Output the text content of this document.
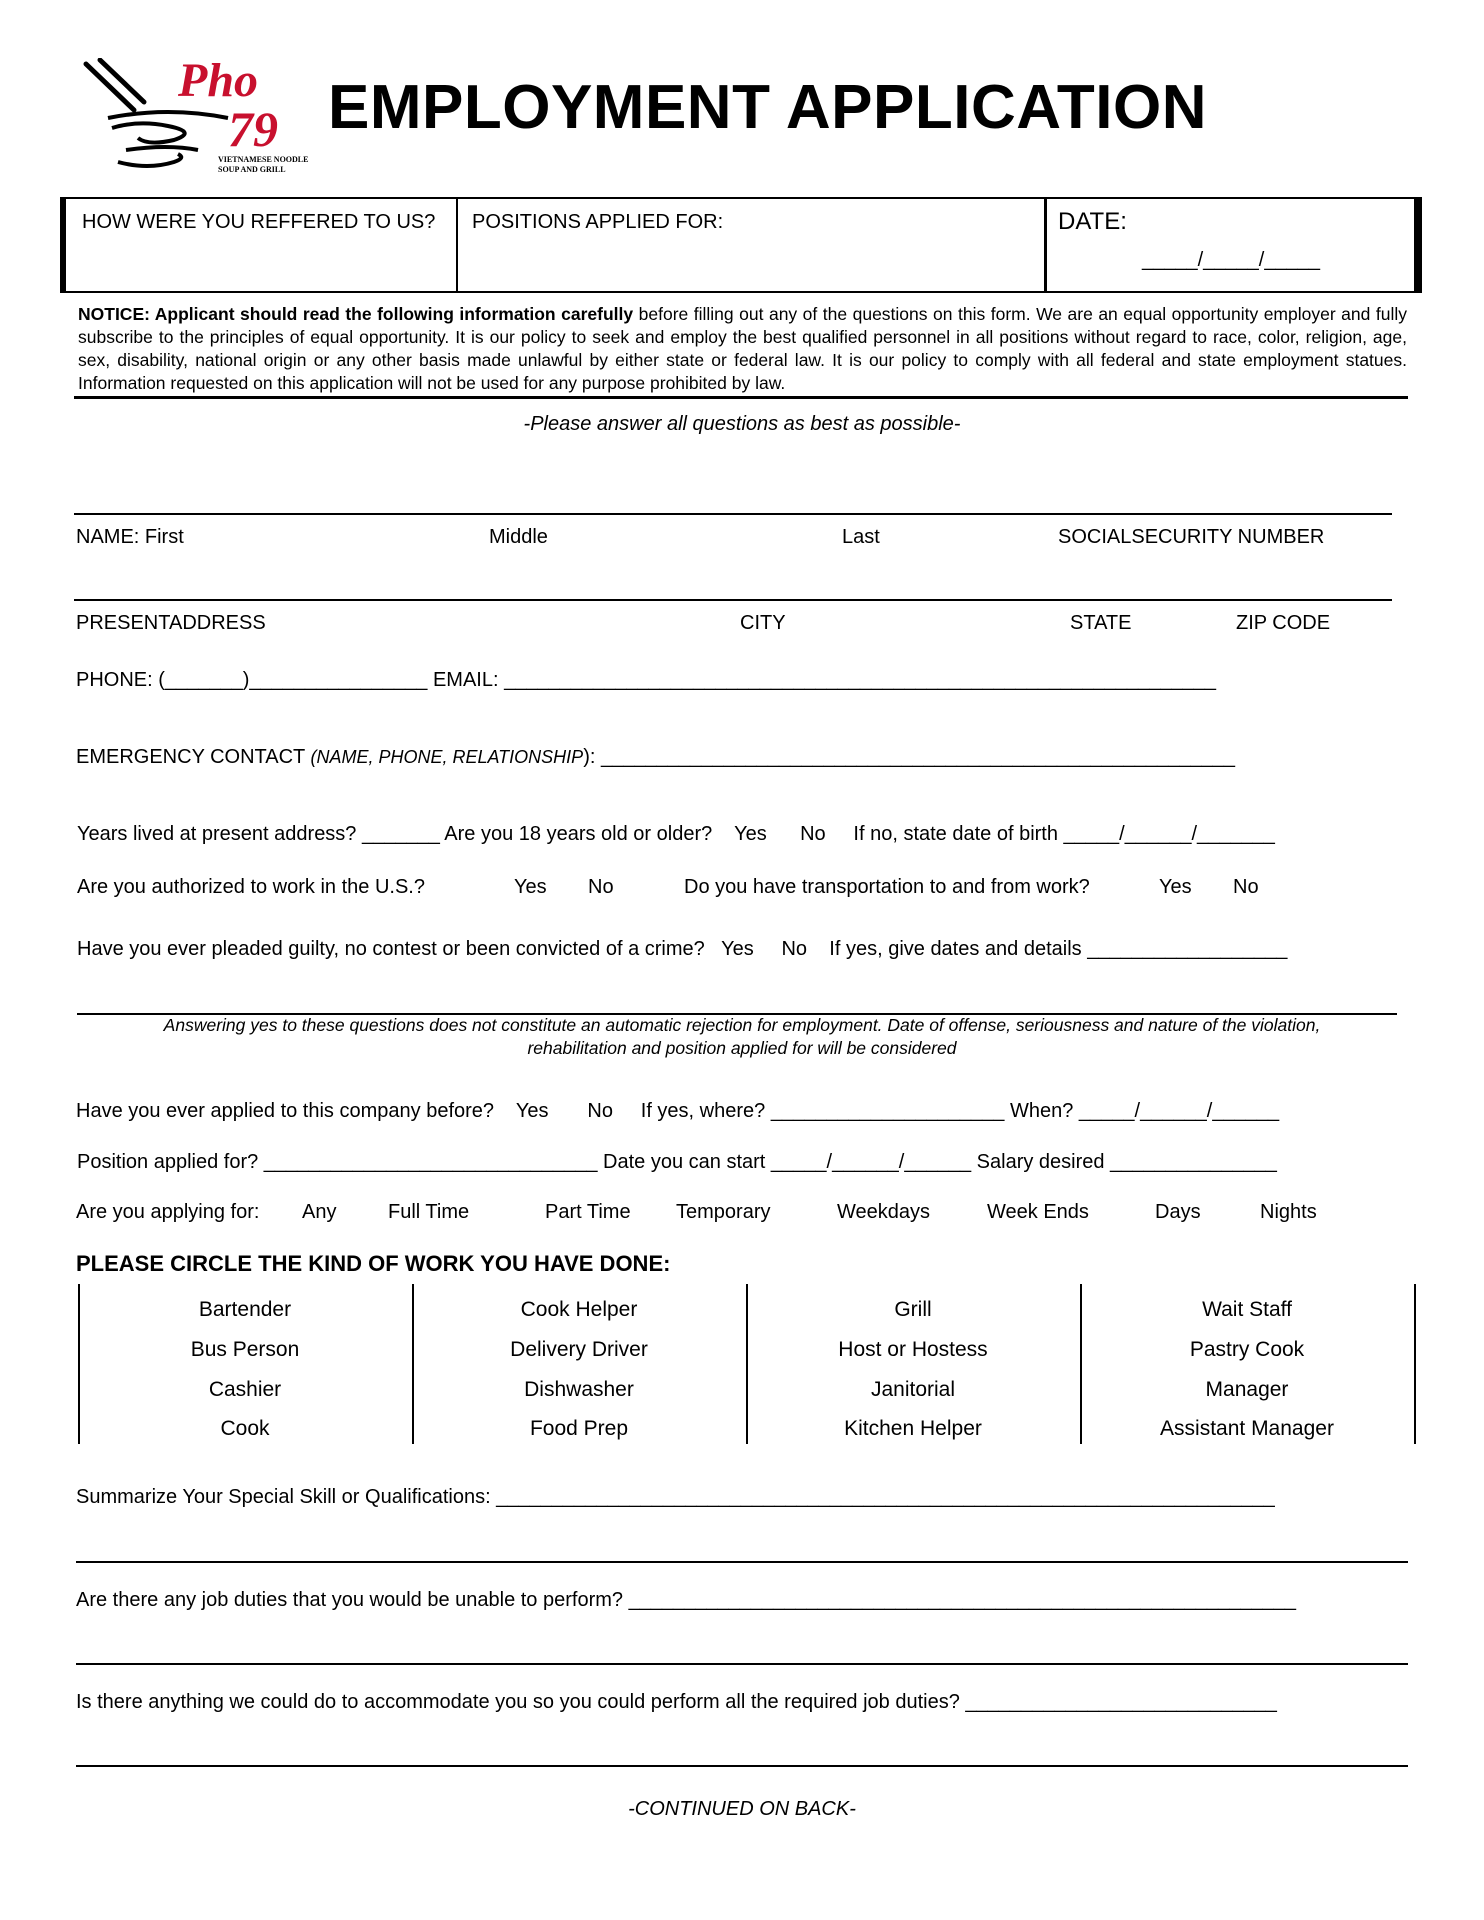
Pho
79
VIETNAMESE NOODLE
SOUP AND GRILL
EMPLOYMENT APPLICATION
HOW WERE YOU REFFERED TO US? POSITIONS APPLIED FOR:	DATE:
_____/_____/_____
NOTICE: Applicant should read the following information carefully before filling out any of the questions on this form. We are an equal opportunity employer and fully subscribe to the principles of equal opportunity. It is our policy to seek and employ the best qualified personnel in all positions without regard to race, color, religion, age, sex, disability, national origin or any other basis made unlawful by either state or federal law. It is our policy to comply with all federal and state employment statues. Information requested on this application will not be used for any purpose prohibited by law.
-Please answer all questions as best as possible-
NAME: First	Middle	Last	SOCIALSECURITY NUMBER
PRESENTADDRESS	CITY	STATE	ZIP CODE
PHONE: (_______)________________ EMAIL: ________________________________________________________________
EMERGENCY CONTACT (NAME, PHONE, RELATIONSHIP): _________________________________________________________
Years lived at present address? _______ Are you 18 years old or older?    Yes      No     If no, state date of birth _____/______/_______
Are you authorized to work in the U.S.?	Yes No	Do you have transportation to and from work?	Yes No
Have you ever pleaded guilty, no contest or been convicted of a crime?   Yes     No    If yes, give dates and details __________________
Answering yes to these questions does not constitute an automatic rejection for employment. Date of offense, seriousness and nature of the violation,
rehabilitation and position applied for will be considered
Have you ever applied to this company before?    Yes       No     If yes, where? _____________________ When? _____/______/______
Position applied for? ______________________________ Date you can start _____/______/______ Salary desired _______________
Are you applying for: Any	Full Time	Part Time Temporary	Weekdays	Week Ends	Days	Nights
PLEASE CIRCLE THE KIND OF WORK YOU HAVE DONE:
Bartender
Bus Person
Cashier
Cook
Cook Helper
Delivery Driver
Dishwasher
Food Prep
Grill
Host or Hostess
Janitorial
Kitchen Helper
Wait Staff
Pastry Cook
Manager
Assistant Manager
Summarize Your Special Skill or Qualifications: ______________________________________________________________________
Are there any job duties that you would be unable to perform? ____________________________________________________________
Is there anything we could do to accommodate you so you could perform all the required job duties? ____________________________
-CONTINUED ON BACK-
